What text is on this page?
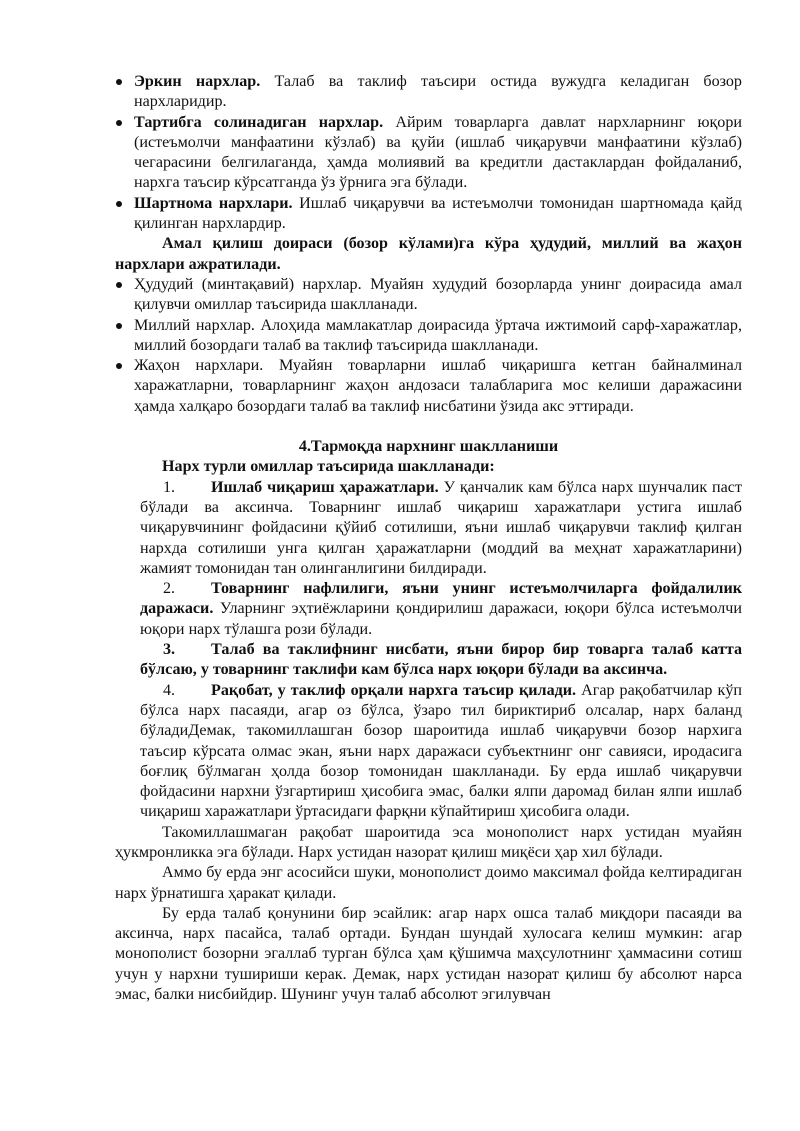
Эркин нархлар. Талаб ва таклиф таъсири остида вужудга келадиган бозор нархларидир.

Тартибга солинадиган нархлар. Айрим товарларга давлат нархларнинг юқори (истеъмолчи манфаатини кўзлаб) ва қуйи (ишлаб чиқарувчи манфаатини кўзлаб) чегарасини белгилаганда, ҳамда молиявий ва кредитли дастаклардан фойдаланиб, нархга таъсир кўрсатганда ўз ўрнига эга бўлади.

Шартнома нархлари. Ишлаб чиқарувчи ва истеъмолчи томонидан шартномада қайд қилинган нархлардир.

Амал қилиш доираси (бозор кўлами)га кўра ҳудудий, миллий ва жаҳон нархлари ажратилади.

Ҳудудий (минтақавий) нархлар. Муайян худудий бозорларда унинг доирасида амал қилувчи омиллар таъсирида шаклланади.

Миллий нархлар. Алоҳида мамлакатлар доирасида ўртача ижтимоий сарф-харажатлар, миллий бозордаги талаб ва таклиф таъсирида шаклланади.

Жаҳон нархлари. Муайян товарларни ишлаб чиқаришга кетган байналминал харажатларни, товарларнинг жаҳон андозаси талабларига мос келиши даражасини ҳамда халқаро бозордаги талаб ва таклиф нисбатини ўзида акс эттиради.

4.Тармоқда нархнинг шаклланиши

Нарх турли омиллар таъсирида шаклланади:

1. Ишлаб чиқариш ҳаражатлари. У қанчалик кам бўлса нарх шунчалик паст бўлади ва аксинча. Товарнинг ишлаб чиқариш харажатлари устига ишлаб чиқарувчининг фойдасини қўйиб сотилиши, яъни ишлаб чиқарувчи таклиф қилган нархда сотилиши унга қилган ҳаражатларни (моддий ва меҳнат харажатларини) жамият томонидан тан олинганлигини билдиради.

2. Товарнинг нафлилиги, яъни унинг истеъмолчиларга фойдалилик даражаси. Уларнинг эҳтиёжларини қондирилиш даражаси, юқори бўлса истеъмолчи юқори нарх тўлашга рози бўлади.

3. Талаб ва таклифнинг нисбати, яъни бирор бир товарга талаб катта бўлсаю, у товарнинг таклифи кам бўлса нарх юқори бўлади ва аксинча.

4. Рақобат, у таклиф орқали нархга таъсир қилади. Агар рақобатчилар кўп бўлса нарх пасаяди, агар оз бўлса, ўзаро тил бириктириб олсалар, нарх баланд бўладиДемак, такомиллашган бозор шароитида ишлаб чиқарувчи бозор нархига таъсир кўрсата олмас экан, яъни нарх даражаси субъектнинг онг савияси, иродасига боғлиқ бўлмаган ҳолда бозор томонидан шаклланади. Бу ерда ишлаб чиқарувчи фойдасини нархни ўзгартириш ҳисобига эмас, балки ялпи даромад билан ялпи ишлаб чиқариш харажатлари ўртасидаги фарқни кўпайтириш ҳисобига олади.

Такомиллашмаган рақобат шароитида эса монополист нарх устидан муайян ҳукмронликка эга бўлади. Нарх устидан назорат қилиш миқёси ҳар хил бўлади.

Аммо бу ерда энг асосийси шуки, монополист доимо максимал фойда келтирадиган нарх ўрнатишга ҳаракат қилади.

Бу ерда талаб қонунини бир эсайлик: агар нарх ошса талаб миқдори пасаяди ва аксинча, нарх пасайса, талаб ортади. Бундан шундай хулосага келиш мумкин: агар монополист бозорни эгаллаб турган бўлса ҳам қўшимча маҳсулотнинг ҳаммасини сотиш учун у нархни тушириши керак. Демак, нарх устидан назорат қилиш бу абсолют нарса эмас, балки нисбийдир. Шунинг учун талаб абсолют эгилувчан
